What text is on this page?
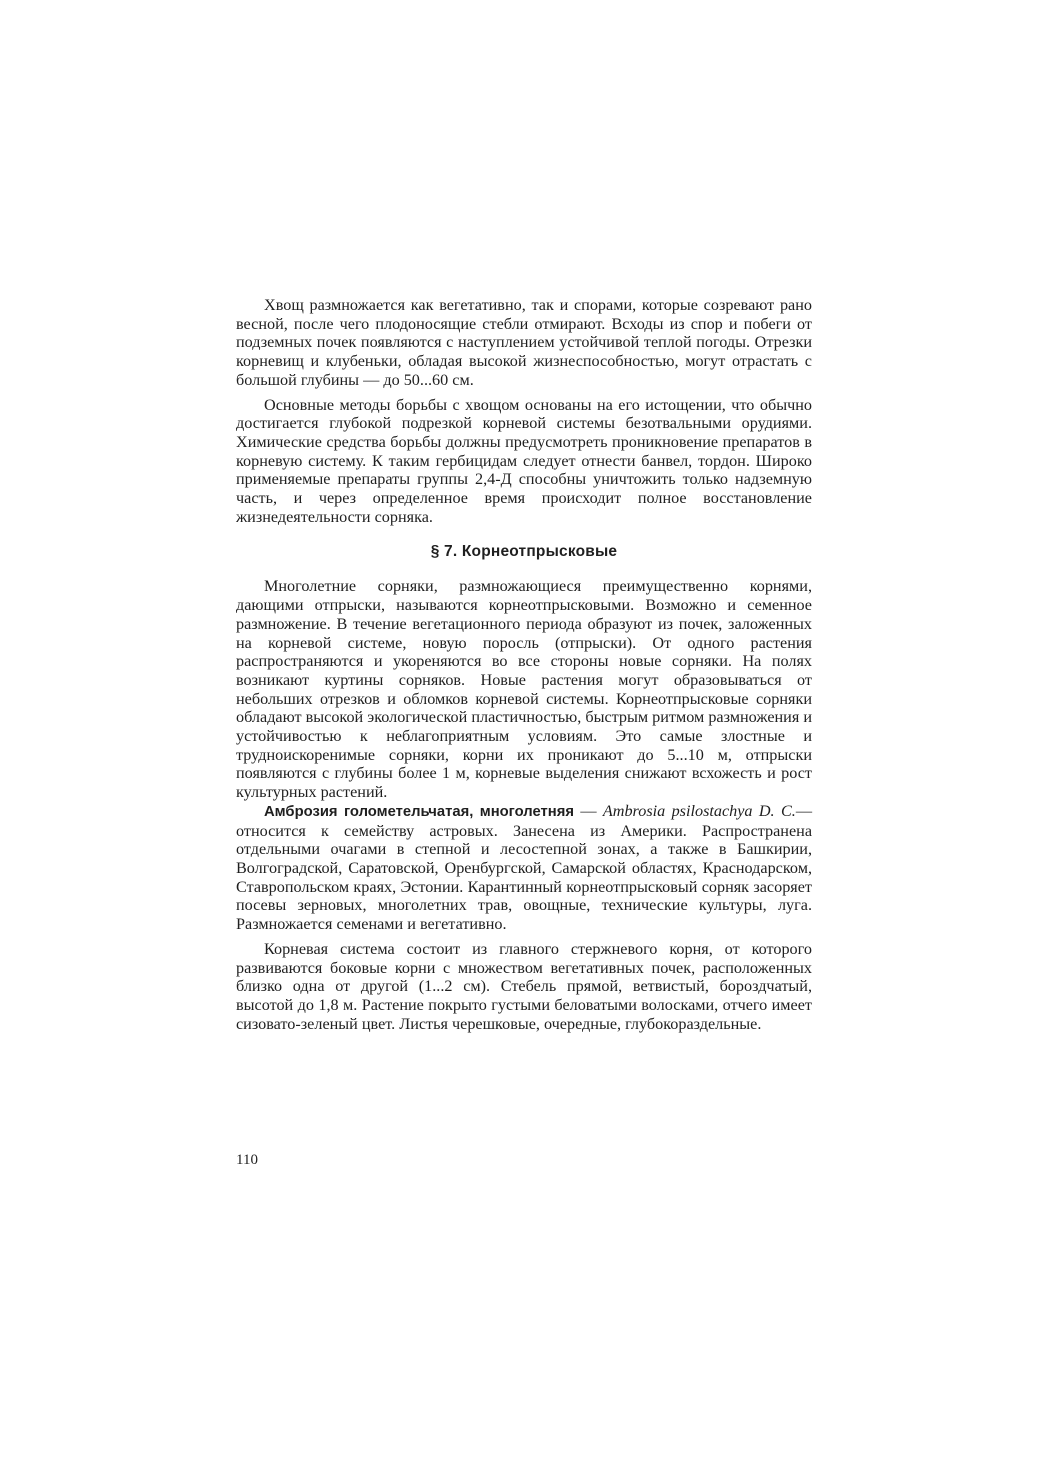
Хвощ размножается как вегетативно, так и спорами, которые созревают рано весной, после чего плодоносящие стебли отмирают. Всходы из спор и побеги от подземных почек появляются с наступлением устойчивой теплой погоды. Отрезки корневищ и клубеньки, обладая высокой жизнеспособностью, могут отрастать с большой глубины — до 50...60 см.

Основные методы борьбы с хвощом основаны на его истощении, что обычно достигается глубокой подрезкой корневой системы безотвальными орудиями. Химические средства борьбы должны предусмотреть проникновение препаратов в корневую систему. К таким гербицидам следует отнести банвел, тордон. Широко применяемые препараты группы 2,4-Д способны уничтожить только надземную часть, и через определенное время происходит полное восстановление жизнедеятельности сорняка.

§ 7. Корнеотпрысковые

Многолетние сорняки, размножающиеся преимущественно корнями, дающими отпрыски, называются корнеотпрысковыми. Возможно и семенное размножение. В течение вегетационного периода образуют из почек, заложенных на корневой системе, новую поросль (отпрыски). От одного растения распространяются и укореняются во все стороны новые сорняки. На полях возникают куртины сорняков. Новые растения могут образовываться от небольших отрезков и обломков корневой системы. Корнеотпрысковые сорняки обладают высокой экологической пластичностью, быстрым ритмом размножения и устойчивостью к неблагоприятным условиям. Это самые злостные и трудноискоренимые сорняки, корни их проникают до 5...10 м, отпрыски появляются с глубины более 1 м, корневые выделения снижают всхожесть и рост культурных растений.

Амброзия голометельчатая, многолетняя — Ambrosia psilostachya D. C.— относится к семейству астровых. Занесена из Америки. Распространена отдельными очагами в степной и лесостепной зонах, а также в Башкирии, Волгоградской, Саратовской, Оренбургской, Самарской областях, Краснодарском, Ставропольском краях, Эстонии. Карантинный корнеотпрысковый сорняк засоряет посевы зерновых, многолетних трав, овощные, технические культуры, луга. Размножается семенами и вегетативно.

Корневая система состоит из главного стержневого корня, от которого развиваются боковые корни с множеством вегетативных почек, расположенных близко одна от другой (1...2 см). Стебель прямой, ветвистый, бороздчатый, высотой до 1,8 м. Растение покрыто густыми беловатыми волосками, отчего имеет сизовато-зеленый цвет. Листья черешковые, очередные, глубокораздельные.

110
